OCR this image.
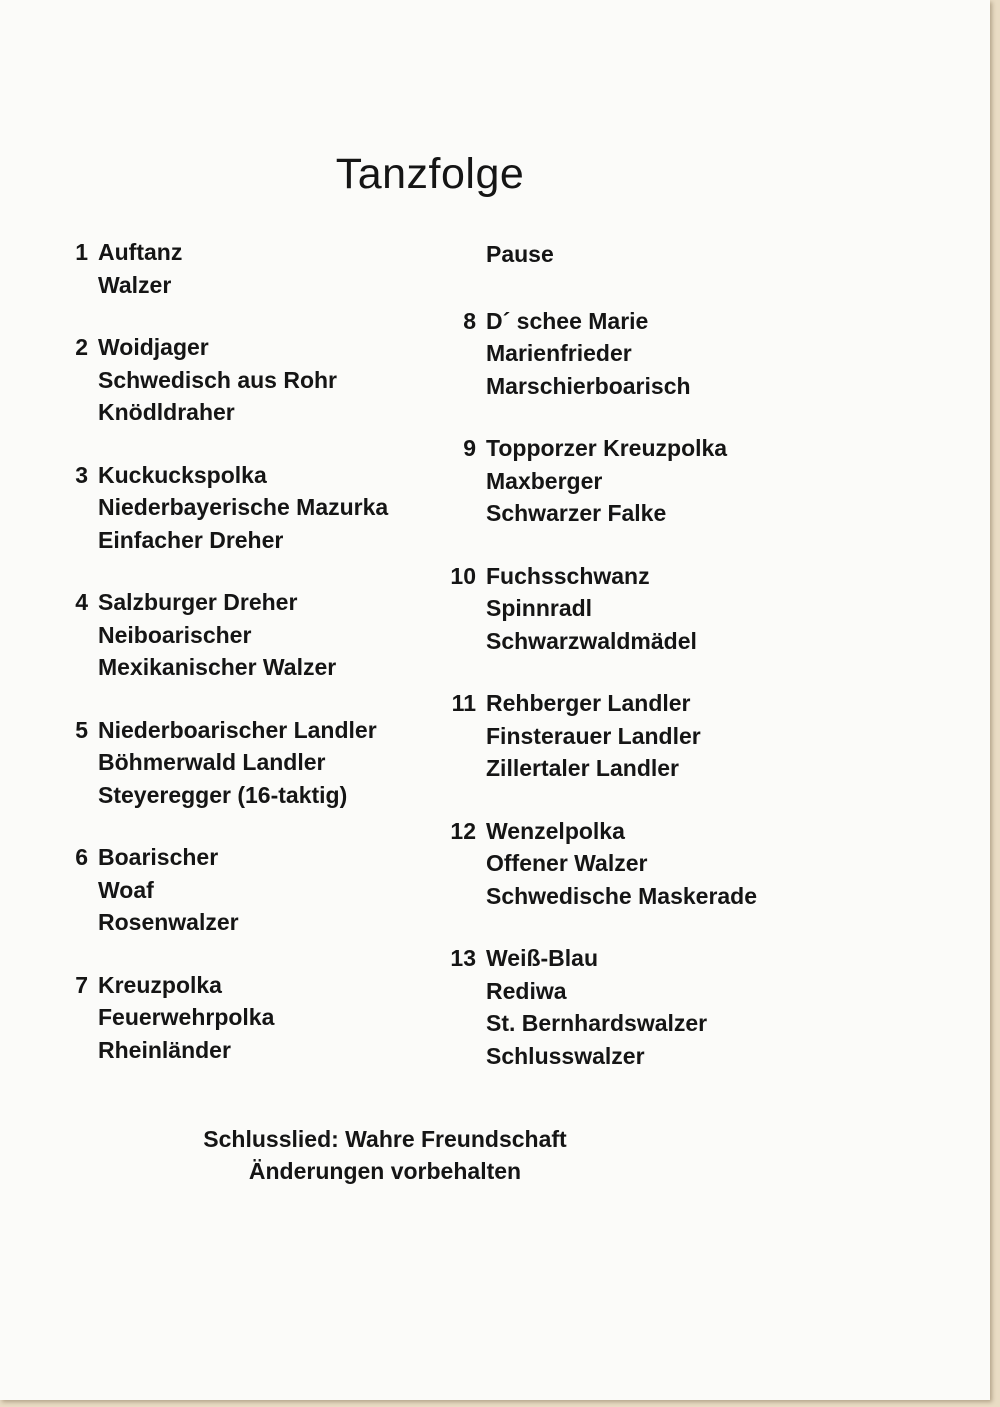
Tanzfolge
1 Auftanz
Walzer
2 Woidjager
Schwedisch aus Rohr
Knödldraher
3 Kuckuckspolka
Niederbayerische Mazurka
Einfacher Dreher
4 Salzburger Dreher
Neiboarischer
Mexikanischer Walzer
5 Niederboarischer Landler
Böhmerwald Landler
Steyeregger (16-taktig)
6 Boarischer
Woaf
Rosenwalzer
7 Kreuzpolka
Feuerwehrpolka
Rheinländer
Pause
8 D´ schee Marie
Marienfrieder
Marschierboarisch
9 Topporzer Kreuzpolka
Maxberger
Schwarzer Falke
10 Fuchsschwanz
Spinnradl
Schwarzwaldmädel
11 Rehberger Landler
Finsterauer Landler
Zillertaler Landler
12 Wenzelpolka
Offener Walzer
Schwedische Maskerade
13 Weiß-Blau
Rediwa
St. Bernhardswalzer
Schlusswalzer
Schlusslied: Wahre Freundschaft
Änderungen vorbehalten
